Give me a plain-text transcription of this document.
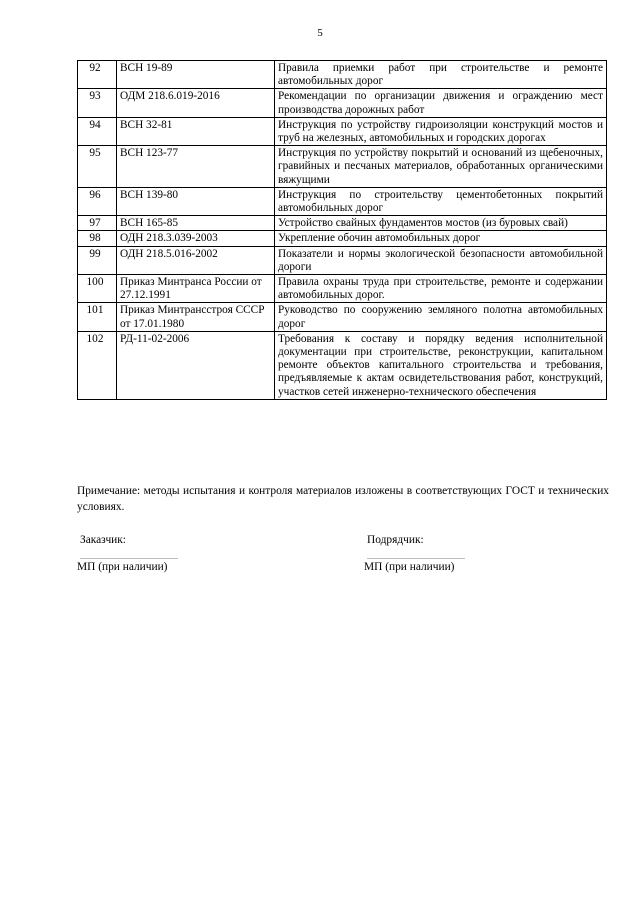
5
92	ВСН 19-89	Правила приемки работ при строительстве и ремонте автомобильных дорог
93	ОДМ 218.6.019-2016	Рекомендации по организации движения и ограждению мест производства дорожных работ
94	ВСН 32-81	Инструкция по устройству гидроизоляции конструкций мостов и труб на железных, автомобильных и городских дорогах
95	ВСН 123-77	Инструкция по устройству покрытий и оснований из щебеночных, гравийных и песчаных материалов, обработанных органическими вяжущими
96	ВСН 139-80	Инструкция по строительству цементобетонных покрытий автомобильных дорог
97	ВСН 165-85	Устройство свайных фундаментов мостов (из буровых свай)
98	ОДН 218.3.039-2003	Укрепление обочин автомобильных дорог
99	ОДН 218.5.016-2002	Показатели и нормы экологической безопасности автомобильной дороги
100	Приказ Минтранса России от 27.12.1991	Правила охраны труда при строительстве, ремонте и содержании автомобильных дорог.
101	Приказ Минтрансстроя СССР от 17.01.1980	Руководство по сооружению земляного полотна автомобильных дорог
102	РД-11-02-2006	Требования к составу и порядку ведения исполнительной документации при строительстве, реконструкции, капитальном ремонте объектов капитального строительства и требования, предъявляемые к актам освидетельствования работ, конструкций, участков сетей инженерно-технического обеспечения
Примечание: методы испытания и контроля материалов изложены в соответствующих ГОСТ и технических условиях.
Заказчик:
МП (при наличии)
Подрядчик:
МП (при наличии)
